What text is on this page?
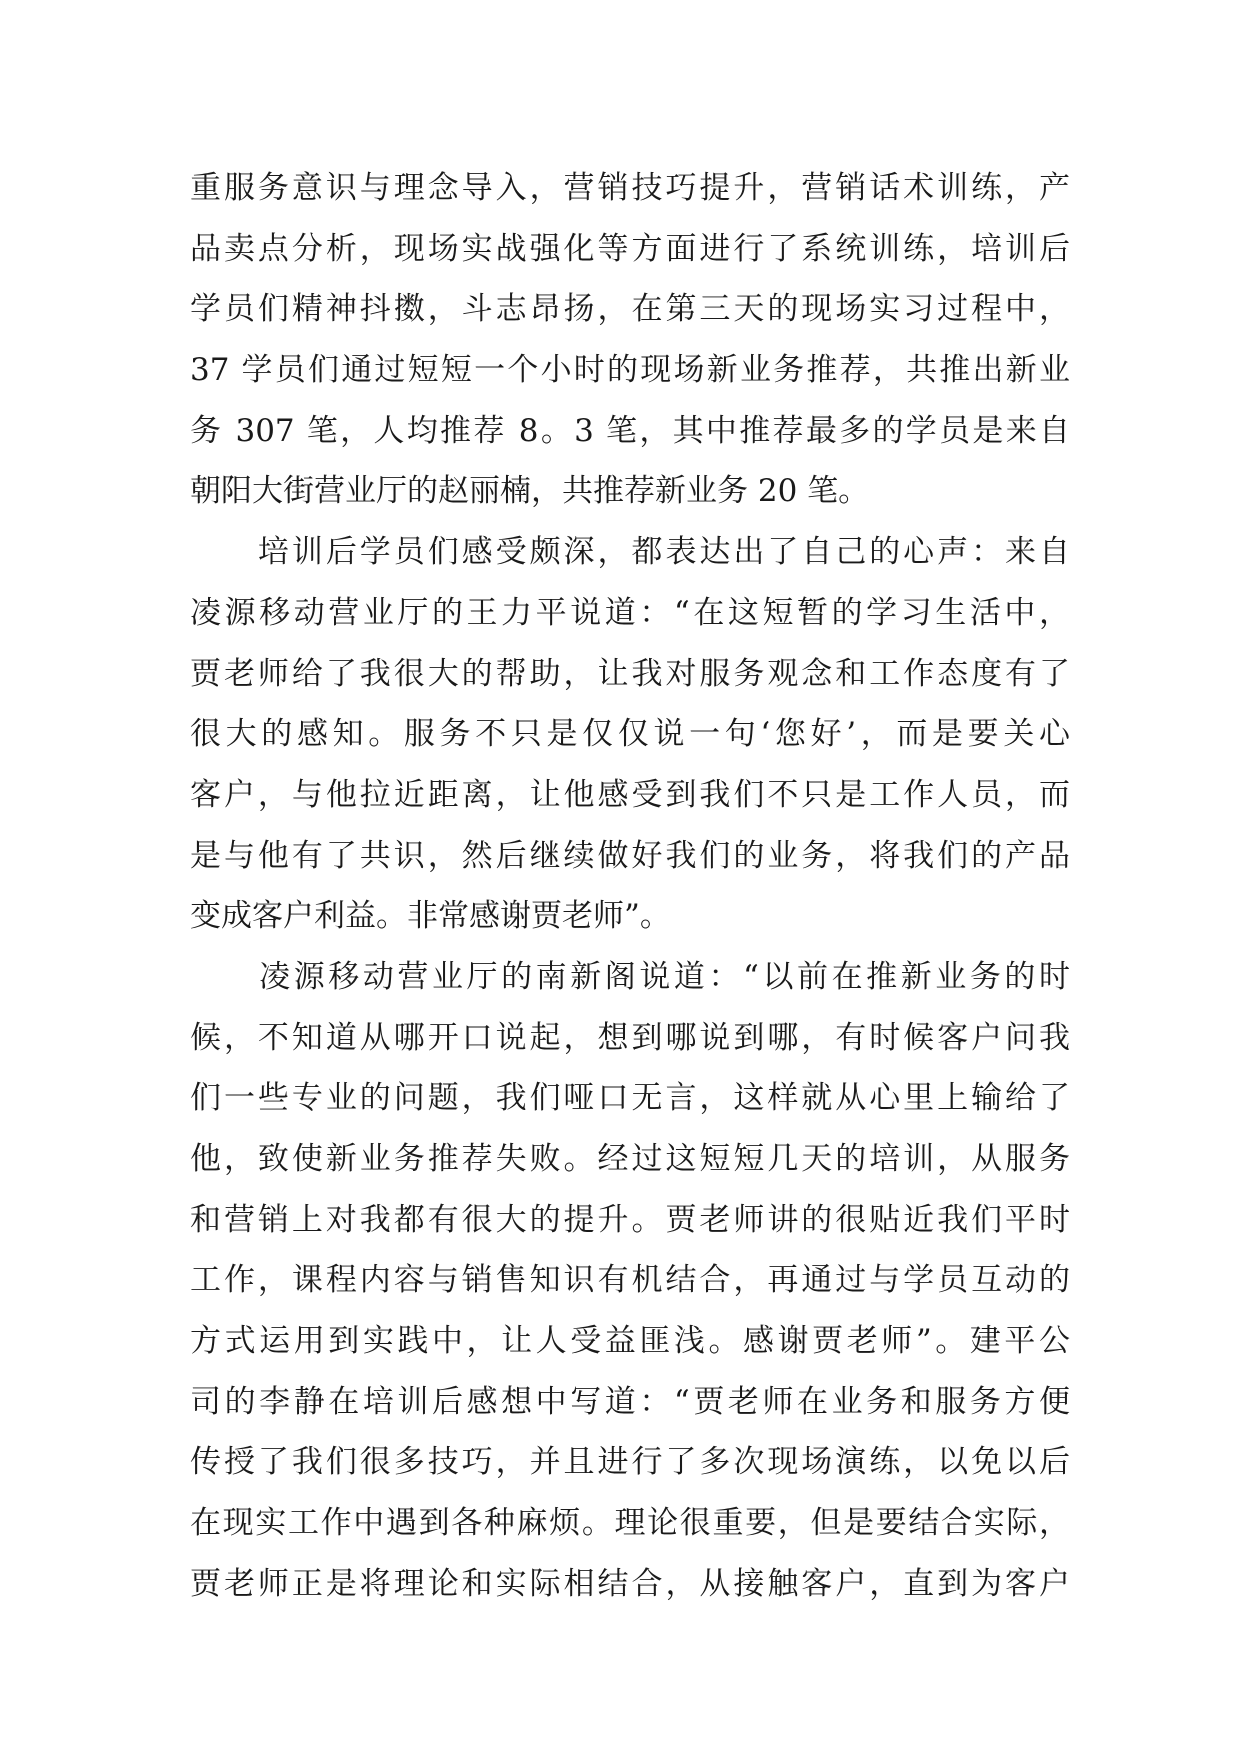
重服务意识与理念导入，营销技巧提升，营销话术训练，产
品卖点分析，现场实战强化等方面进行了系统训练，培训后
学员们精神抖擞，斗志昂扬，在第三天的现场实习过程中，
37 学员们通过短短一个小时的现场新业务推荐，共推出新业
务 307 笔，人均推荐 8。3 笔，其中推荐最多的学员是来自
朝阳大街营业厅的赵丽楠，共推荐新业务 20 笔。
　　培训后学员们感受颇深，都表达出了自己的心声：来自
凌源移动营业厅的王力平说道：“在这短暂的学习生活中，
贾老师给了我很大的帮助，让我对服务观念和工作态度有了
很大的感知。服务不只是仅仅说一句‘您好’，而是要关心
客户，与他拉近距离，让他感受到我们不只是工作人员，而
是与他有了共识，然后继续做好我们的业务，将我们的产品
变成客户利益。非常感谢贾老师”。
　　凌源移动营业厅的南新阁说道：“以前在推新业务的时
候，不知道从哪开口说起，想到哪说到哪，有时候客户问我
们一些专业的问题，我们哑口无言，这样就从心里上输给了
他，致使新业务推荐失败。经过这短短几天的培训，从服务
和营销上对我都有很大的提升。贾老师讲的很贴近我们平时
工作，课程内容与销售知识有机结合，再通过与学员互动的
方式运用到实践中，让人受益匪浅。感谢贾老师”。建平公
司的李静在培训后感想中写道：“贾老师在业务和服务方便
传授了我们很多技巧，并且进行了多次现场演练，以免以后
在现实工作中遇到各种麻烦。理论很重要，但是要结合实际，
贾老师正是将理论和实际相结合，从接触客户，直到为客户
